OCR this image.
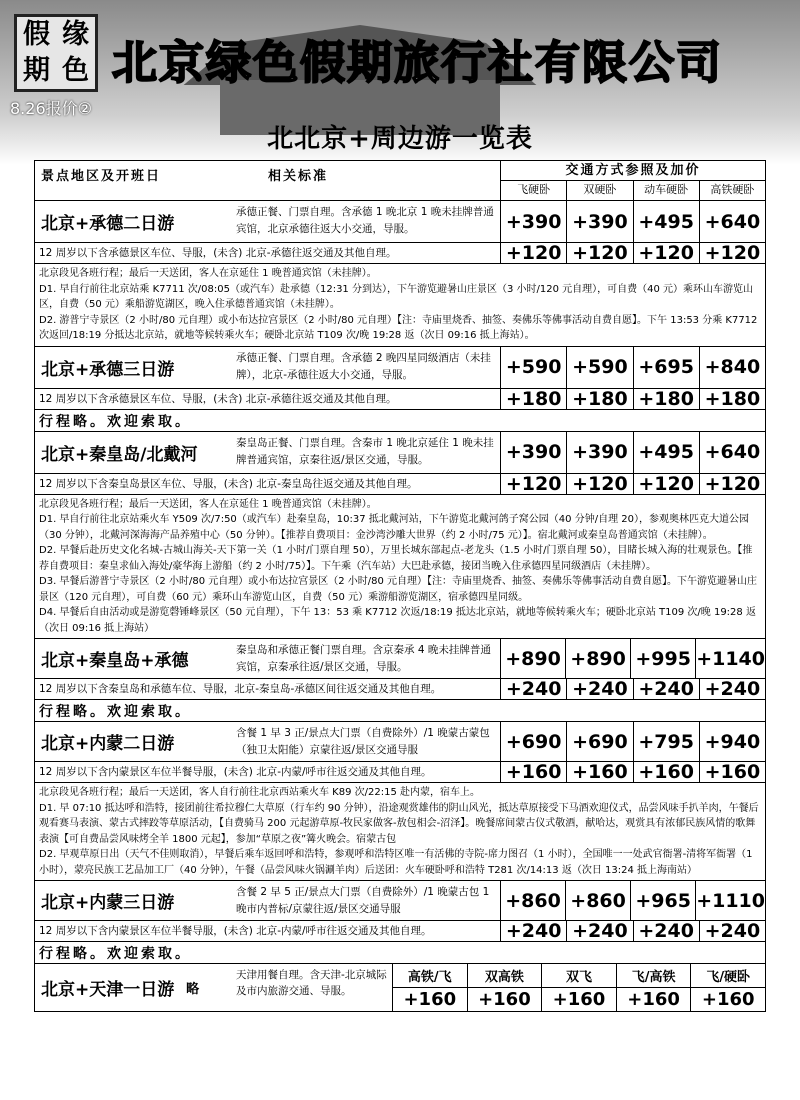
假 缘
期 色 北京绿色假期旅行社有限公司
8.26报价②
北北京+周边游一览表
景点地区及开班日	相关标准	交通方式参照及加价
飞硬卧	双硬卧	动车硬卧	高铁硬卧
北京+承德二日游
承德正餐、门票自理。含承德 1 晚北京 1 晚未挂牌普通宾馆，北京承德往返大小交通，导服。	+390 +390 +495 +640
12 周岁以下含承德景区车位、导服，(未含) 北京-承德往返交通及其他自理。	+120 +120 +120 +120

北京段见各班行程；最后一天送团，客人在京延住 1 晚普通宾馆（未挂牌）。

D1. 早自行前往北京站乘 K7711 次/08:05（或汽车）赴承德（12:31 分到达），下午游览避暑山庄景区（3 小时/120 元自理），可自费（40 元）乘环山车游览山区，自费（50 元）乘船游览湖区，晚入住承德普通宾馆（未挂牌）。

D2. 游普宁寺景区（2 小时/80 元自理）或小布达拉宫景区（2 小时/80 元自理）【注：寺庙里烧香、抽签、奏佛乐等佛事活动自费自愿】。下午 13:53 分乘 K7712 次返回/18:19 分抵达北京站，就地等候转乘火车；硬卧北京站 T109 次/晚 19:28 返（次日 09:16 抵上海站）。

北京+承德三日游
承德正餐、门票自理。含承德 2 晚四星同级酒店（未挂牌），北京-承德往返大小交通，导服。	+590 +590 +695 +840
12 周岁以下含承德景区车位、导服，(未含) 北京-承德往返交通及其他自理。	+180 +180 +180 +180
行程略。欢迎索取。
北京+秦皇岛/北戴河
秦皇岛正餐、门票自理。含秦市 1 晚北京延住 1 晚未挂牌普通宾馆，京秦往返/景区交通，导服。	+390 +390 +495 +640
12 周岁以下含秦皇岛景区车位、导服，(未含) 北京-秦皇岛往返交通及其他自理。	+120 +120 +120 +120

北京段见各班行程；最后一天送团，客人在京延住 1 晚普通宾馆（未挂牌）。

D1. 早自行前往北京站乘火车 Y509 次/7:50（或汽车）赴秦皇岛，10:37 抵北戴河站，下午游览北戴河鸽子窝公园（40 分钟/自理 20），参观奥林匹克大道公园（30 分钟），北戴河深海海产品养殖中心（50 分钟）。【推荐自费项目：金沙湾沙雕大世界（约 2 小时/75 元）】。宿北戴河或秦皇岛普通宾馆（未挂牌）。

D2. 早餐后赴历史文化名城-古城山海关-天下第一关（1 小时/门票自理 50），万里长城东部起点-老龙头（1.5 小时/门票自理 50），目睹长城入海的壮观景色。【推荐自费项目：秦皇求仙入海处/豪华海上游船（约 2 小时/75）】。下午乘（汽车站）大巴赴承德，接团当晚入住承德四星同级酒店（未挂牌）。

D3. 早餐后游普宁寺景区（2 小时/80 元自理）或小布达拉宫景区（2 小时/80 元自理）【注：寺庙里烧香、抽签、奏佛乐等佛事活动自费自愿】。下午游览避暑山庄景区（120 元自理），可自费（60 元）乘环山车游览山区，自费（50 元）乘游船游览湖区，宿承德四星同级。

D4. 早餐后自由活动或是游览磬锤峰景区（50 元自理），下午 13：53 乘 K7712 次返/18:19 抵达北京站，就地等候转乘火车；硬卧北京站 T109 次/晚 19:28 返（次日 09:16 抵上海站）

北京+秦皇岛+承德
秦皇岛和承德正餐门票自理。含京秦承 4 晚未挂牌普通宾馆，京秦承往返/景区交通，导服。	+890 +890 +995 +1140
12 周岁以下含秦皇岛和承德车位、导服，北京-秦皇岛-承德区间往返交通及其他自理。	+240 +240 +240 +240
行程略。欢迎索取。
北京+内蒙二日游
含餐 1 早 3 正/景点大门票（自费除外）/1 晚蒙古蒙包（独卫太阳能）京蒙往返/景区交通导服	+690 +690 +795 +940
12 周岁以下含内蒙景区车位半餐导服，(未含) 北京-内蒙/呼市往返交通及其他自理。	+160 +160 +160 +160

北京段见各班行程；最后一天送团，客人自行前往北京西站乘火车 K89 次/22:15 赴内蒙，宿车上。

D1. 早 07:10 抵达呼和浩特，接团前往希拉穆仁大草原（行车约 90 分钟），沿途观赏雄伟的阴山风光，抵达草原接受下马酒欢迎仪式，品尝风味手扒羊肉，午餐后观看赛马表演、蒙古式摔跤等草原活动，【自费骑马 200 元起游草原-牧民家做客-敖包相会-沼泽】。晚餐席间蒙古仪式敬酒，献哈达，观赏具有浓郁民族风情的歌舞表演【可自费品尝风味烤全羊 1800 元起】，参加“草原之夜”篝火晚会。宿蒙古包

D2. 早观草原日出（天气不佳则取消），早餐后乘车返回呼和浩特，参观呼和浩特区唯一有活佛的寺院-席力图召（1 小时），全国唯一一处武官衙署-清将军衙署（1 小时），蒙亮民族工艺品加工厂（40 分钟），午餐（品尝风味火锅涮羊肉）后送团：火车硬卧呼和浩特 T281 次/14:13 返（次日 13:24 抵上海南站）

北京+内蒙三日游
含餐 2 早 5 正/景点大门票（自费除外）/1 晚蒙古包 1 晚市内普标/京蒙往返/景区交通导服	+860 +860 +965 +1110
12 周岁以下含内蒙景区车位半餐导服，(未含) 北京-内蒙/呼市往返交通及其他自理。	+240 +240 +240 +240
行程略。欢迎索取。
北京+天津一日游
略
天津用餐自理。含天津-北京城际及市内旅游交通、导服。
高铁/飞	双高铁	双飞	飞/高铁	飞/硬卧
+160	+160	+160	+160	+160
